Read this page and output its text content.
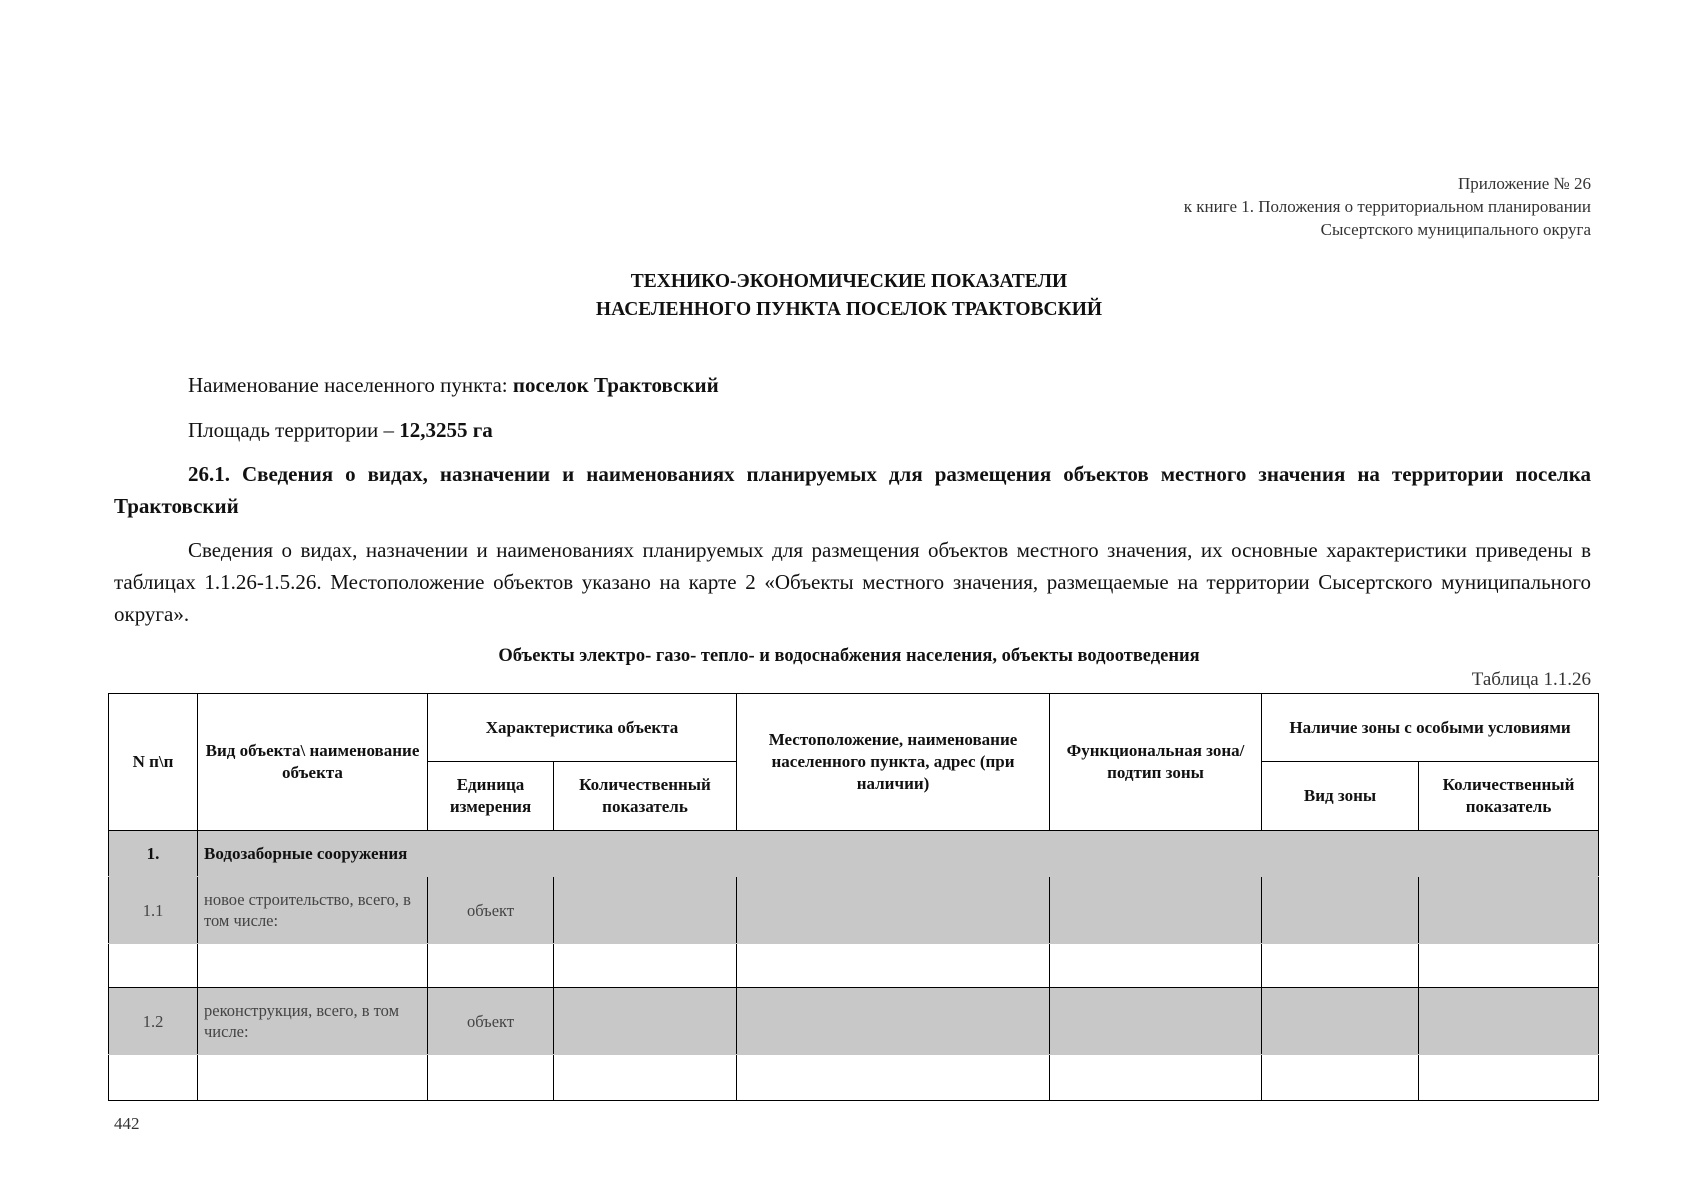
Приложение № 26
к книге 1. Положения о территориальном планировании
Сысертского муниципального округа
ТЕХНИКО-ЭКОНОМИЧЕСКИЕ ПОКАЗАТЕЛИ
НАСЕЛЕННОГО ПУНКТА ПОСЕЛОК ТРАКТОВСКИЙ
Наименование населенного пункта: поселок Трактовский
Площадь территории – 12,3255 га
26.1. Сведения о видах, назначении и наименованиях планируемых для размещения объектов местного значения на территории поселка Трактовский
Сведения о видах, назначении и наименованиях планируемых для размещения объектов местного значения, их основные характеристики приведены в таблицах 1.1.26-1.5.26. Местоположение объектов указано на карте 2 «Объекты местного значения, размещаемые на территории Сысертского муниципального округа».
Объекты электро- газо- тепло- и водоснабжения населения, объекты водоотведения
Таблица 1.1.26
N п\п	Вид объекта\ наименование объекта	Характеристика объекта		Местоположение, наименование населенного пункта, адрес (при наличии)	Функциональная зона/ подтип зоны	Наличие зоны с особыми условиями	
		Единица измерения	Количественный показатель			Вид зоны	Количественный показатель
1.	Водозаборные сооружения						
1.1	новое строительство, всего, в том числе:	объект					

1.2	реконструкция, всего, в том числе:	объект					

442
